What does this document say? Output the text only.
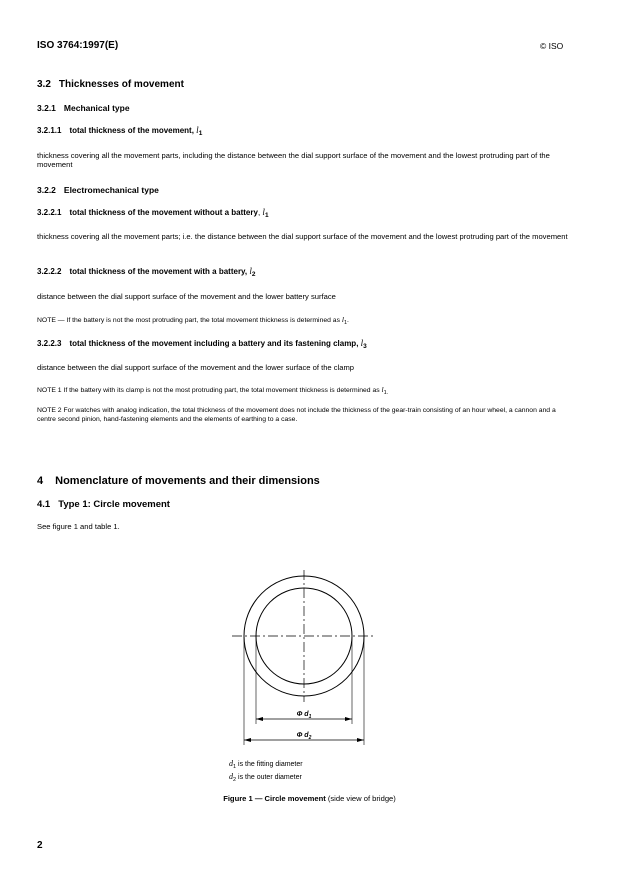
ISO 3764:1997(E)	© ISO
3.2 Thicknesses of movement
3.2.1 Mechanical type
3.2.1.1 total thickness of the movement, $l_1$
thickness covering all the movement parts, including the distance between the dial support surface of the movement and the lowest protruding part of the movement
3.2.2 Electromechanical type
3.2.2.1 total thickness of the movement without a battery, $l_1$
thickness covering all the movement parts; i.e. the distance between the dial support surface of the movement and the lowest protruding part of the movement
3.2.2.2 total thickness of the movement with a battery, $l_2$
distance between the dial support surface of the movement and the lower battery surface
NOTE — If the battery is not the most protruding part, the total movement thickness is determined as $l_1$.
3.2.2.3 total thickness of the movement including a battery and its fastening clamp, $l_3$
distance between the dial support surface of the movement and the lower surface of the clamp
NOTE 1 If the battery with its clamp is not the most protruding part, the total movement thickness is determined as $l_{1.}$
NOTE 2 For watches with analog indication, the total thickness of the movement does not include the thickness of the gear-train consisting of an hour wheel, a cannon and a centre second pinion, hand-fastening elements and the elements of earthing to a case.
4 Nomenclature of movements and their dimensions
4.1 Type 1: Circle movement
See figure 1 and table 1.
Φ $d_1$
Φ $d_2$
$d_1$ is the fitting diameter
$d_2$ is the outer diameter
Figure 1 — Circle movement (side view of bridge)
2
